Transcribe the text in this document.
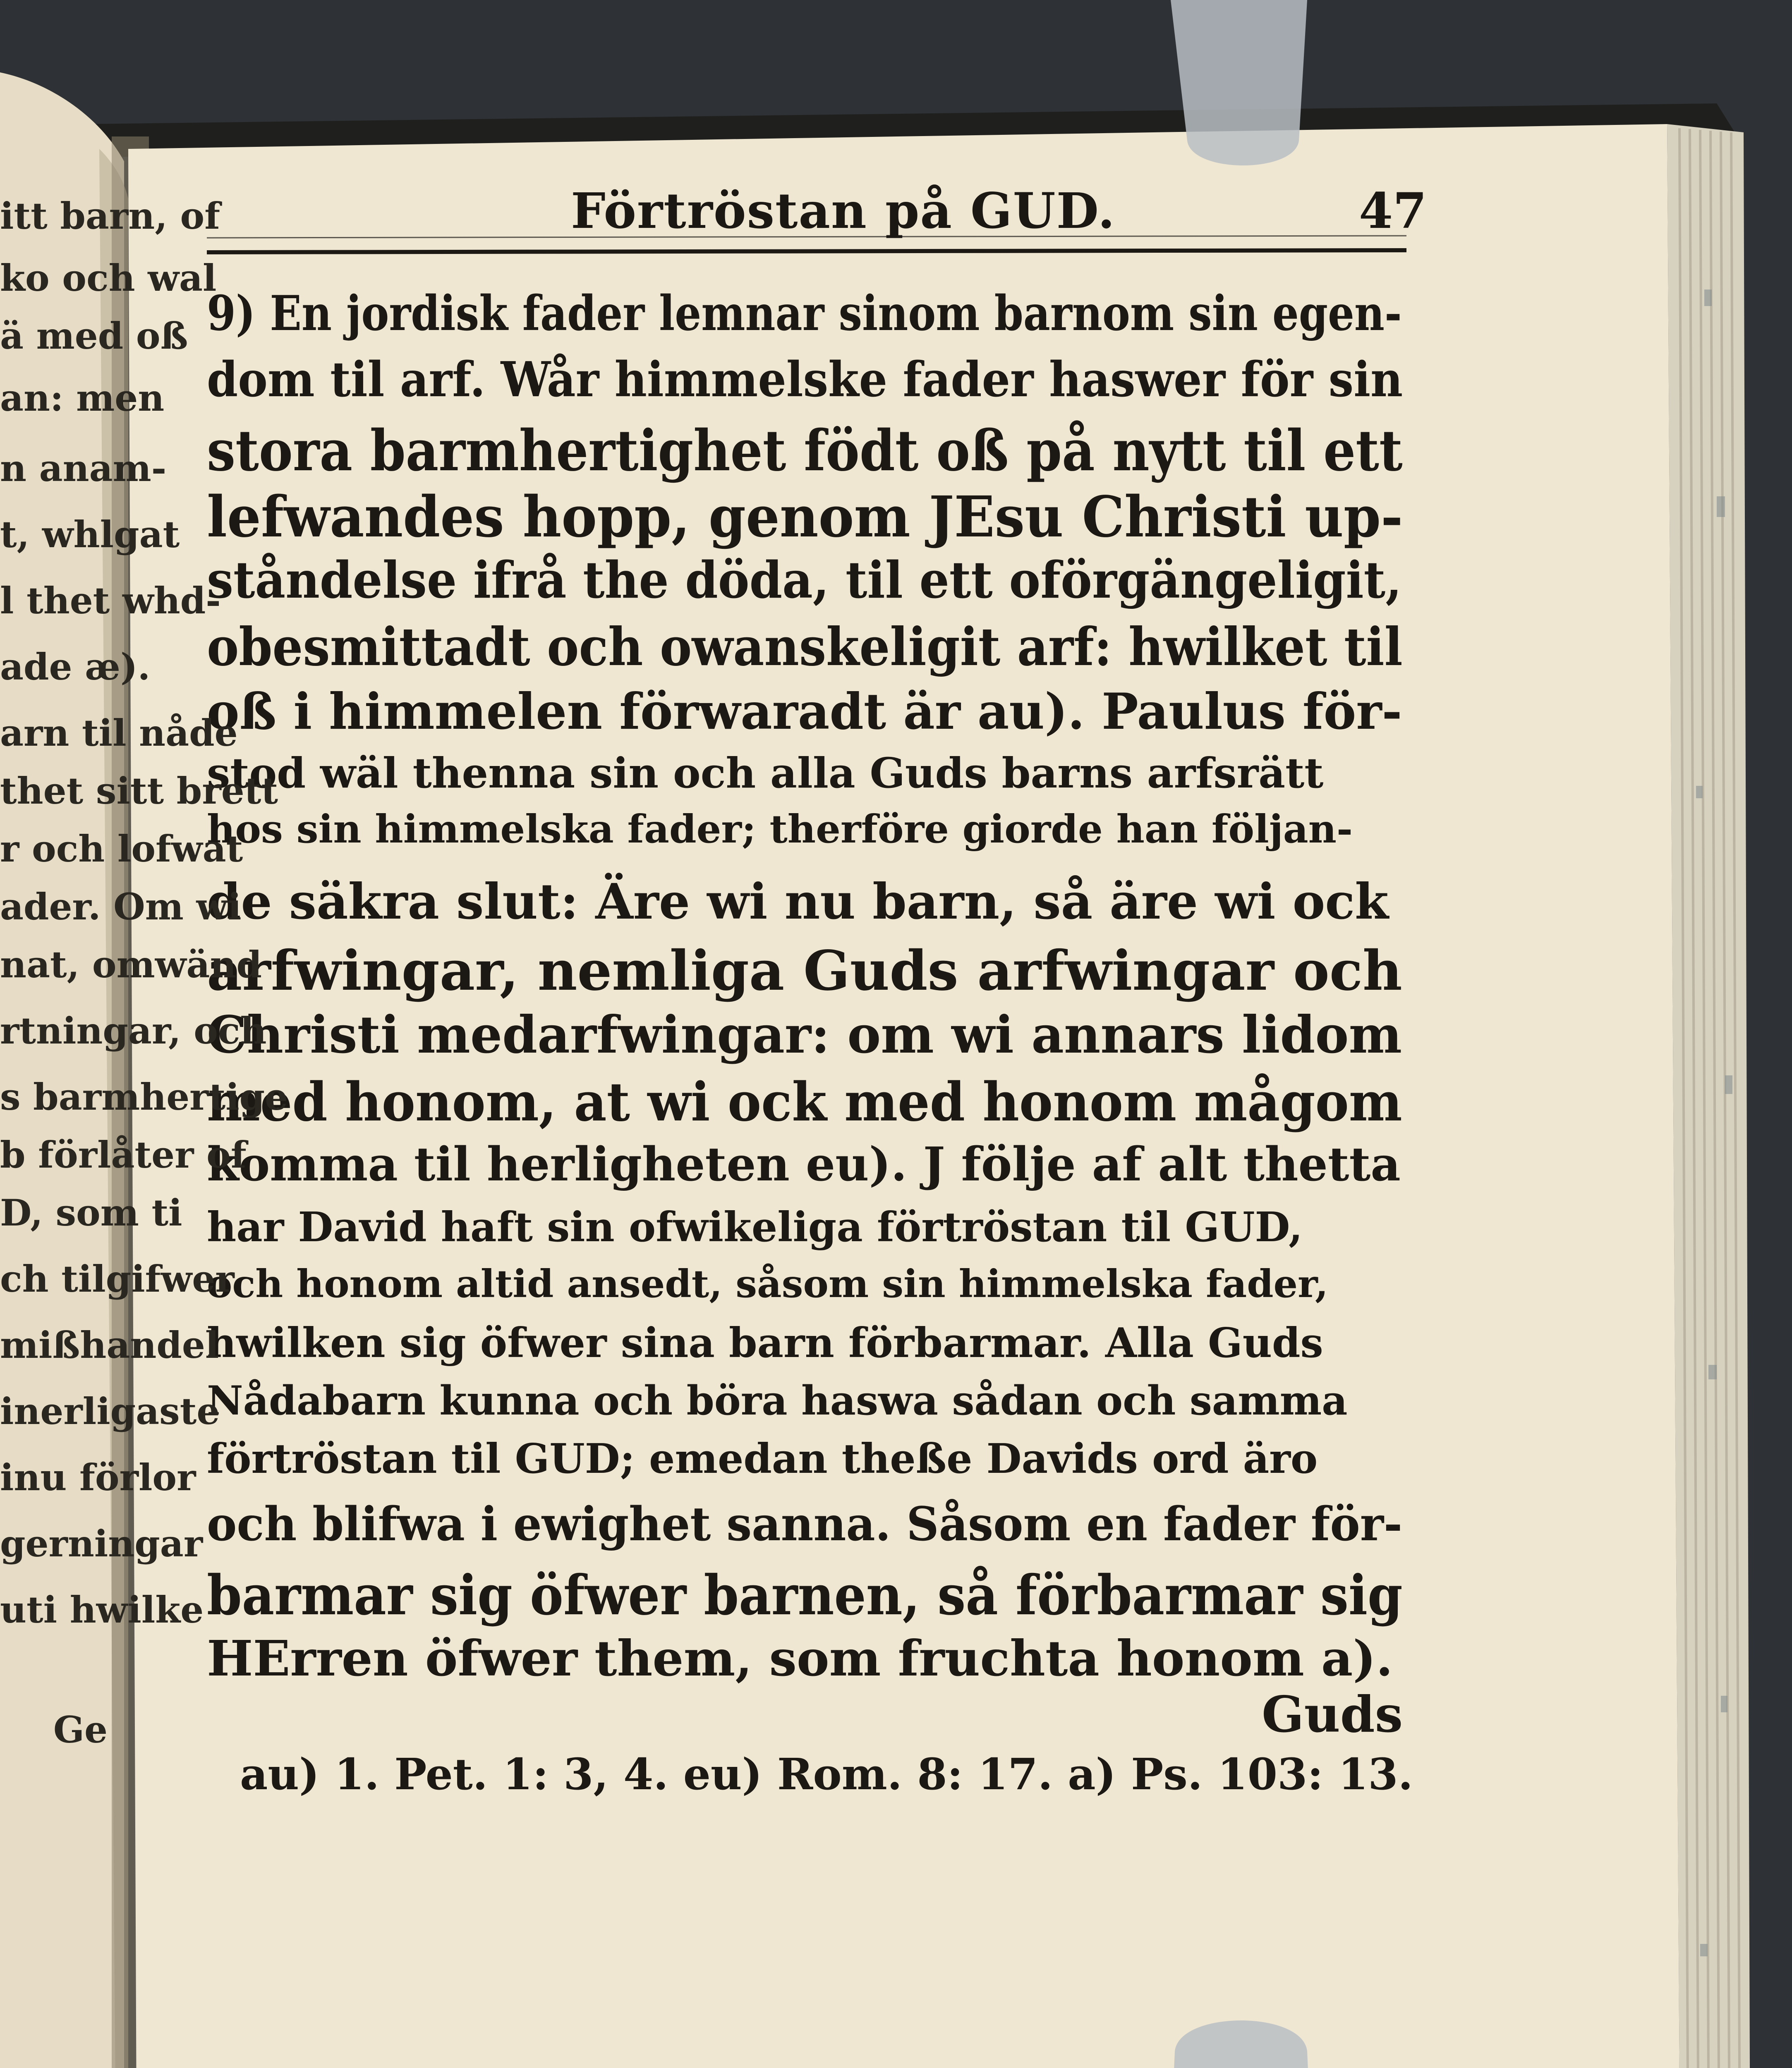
Förtröstan på GUD.	47
9) En jordisk fader lemnar sinom barnom sin egen-
dom til arf. Wår himmelske fader haswer för sin
stora barmhertighet födt oß på nytt til ett
lefwandes hopp, genom JEsu Christi up-
ståndelse ifrå the döda, til ett oförgängeligit,
obesmittadt och owanskeligit arf: hwilket til
oß i himmelen förwaradt är au). Paulus för-
stod wäl thenna sin och alla Guds barns arfsrätt
hos sin himmelska fader; therföre giorde han följan-
de säkra slut: Äre wi nu barn, så äre wi ock
arfwingar, nemliga Guds arfwingar och
Christi medarfwingar: om wi annars lidom
med honom, at wi ock med honom mågom
komma til herligheten eu). J följe af alt thetta
har David haft sin ofwikeliga förtröstan til GUD,
och honom altid ansedt, såsom sin himmelska fader,
hwilken sig öfwer sina barn förbarmar. Alla Guds
Nådabarn kunna och böra haswa sådan och samma
förtröstan til GUD; emedan theße Davids ord äro
och blifwa i ewighet sanna. Såsom en fader för-
barmar sig öfwer barnen, så förbarmar sig
HErren öfwer them, som fruchta honom a).
Guds
au) 1. Pet. 1: 3, 4. eu) Rom. 8: 17. a) Ps. 103: 13.
itt barn, of
ko och wal
ä med oß
an: men
n anam-
t, whlgat
l thet whd-
ade æ).
arn til nåde
thet sitt brett
r och lofwat
ader. Om wi
nat, omwänd
rtningar, och
s barmhertige
b förlåter of
D, som ti
ch tilgifwer
mißhandel
inerligaste
inu förlor
gerningar
uti hwilke
Ge
